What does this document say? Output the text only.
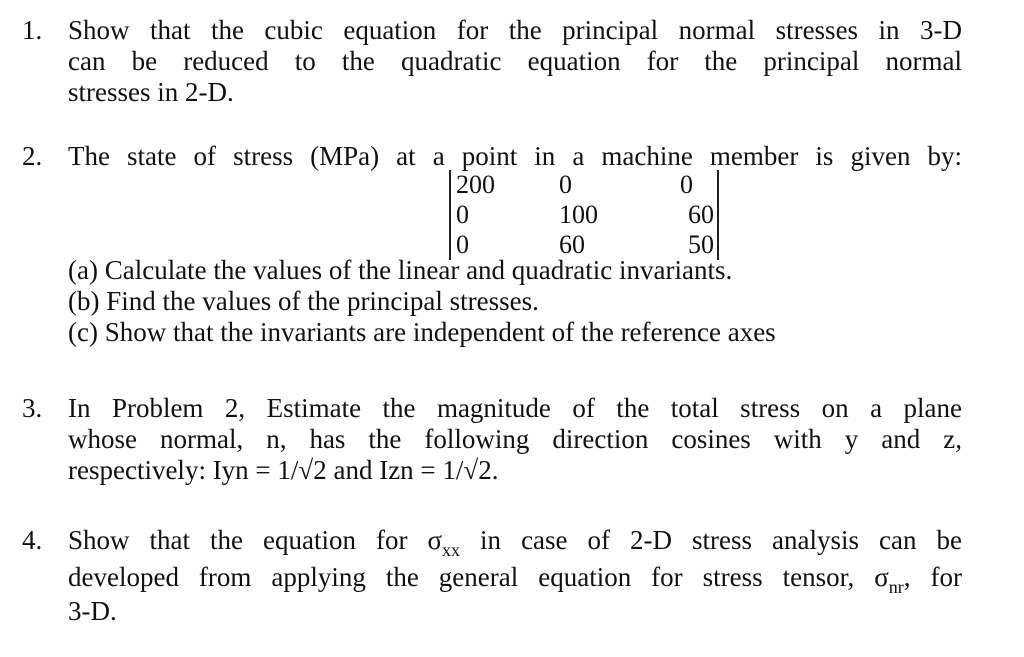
1. Show that the cubic equation for the principal normal stresses in 3-D
can be reduced to the quadratic equation for the principal normal
stresses in 2-D.
2. The state of stress (MPa) at a point in a machine member is given by:
200 0	0
0	100	60
0	60	50
(a) Calculate the values of the linear and quadratic invariants.
(b) Find the values of the principal stresses.
(c) Show that the invariants are independent of the reference axes
3. In Problem 2, Estimate the magnitude of the total stress on a plane
whose normal, n, has the following direction cosines with y and z,
respectively: Iyn = 1/√2 and Izn = 1/√2.
4. Show that the equation for $\sigma_{xx}$ in case of 2-D stress analysis can be
developed from applying the general equation for stress tensor, $\sigma_{nr}$, for
3-D.
